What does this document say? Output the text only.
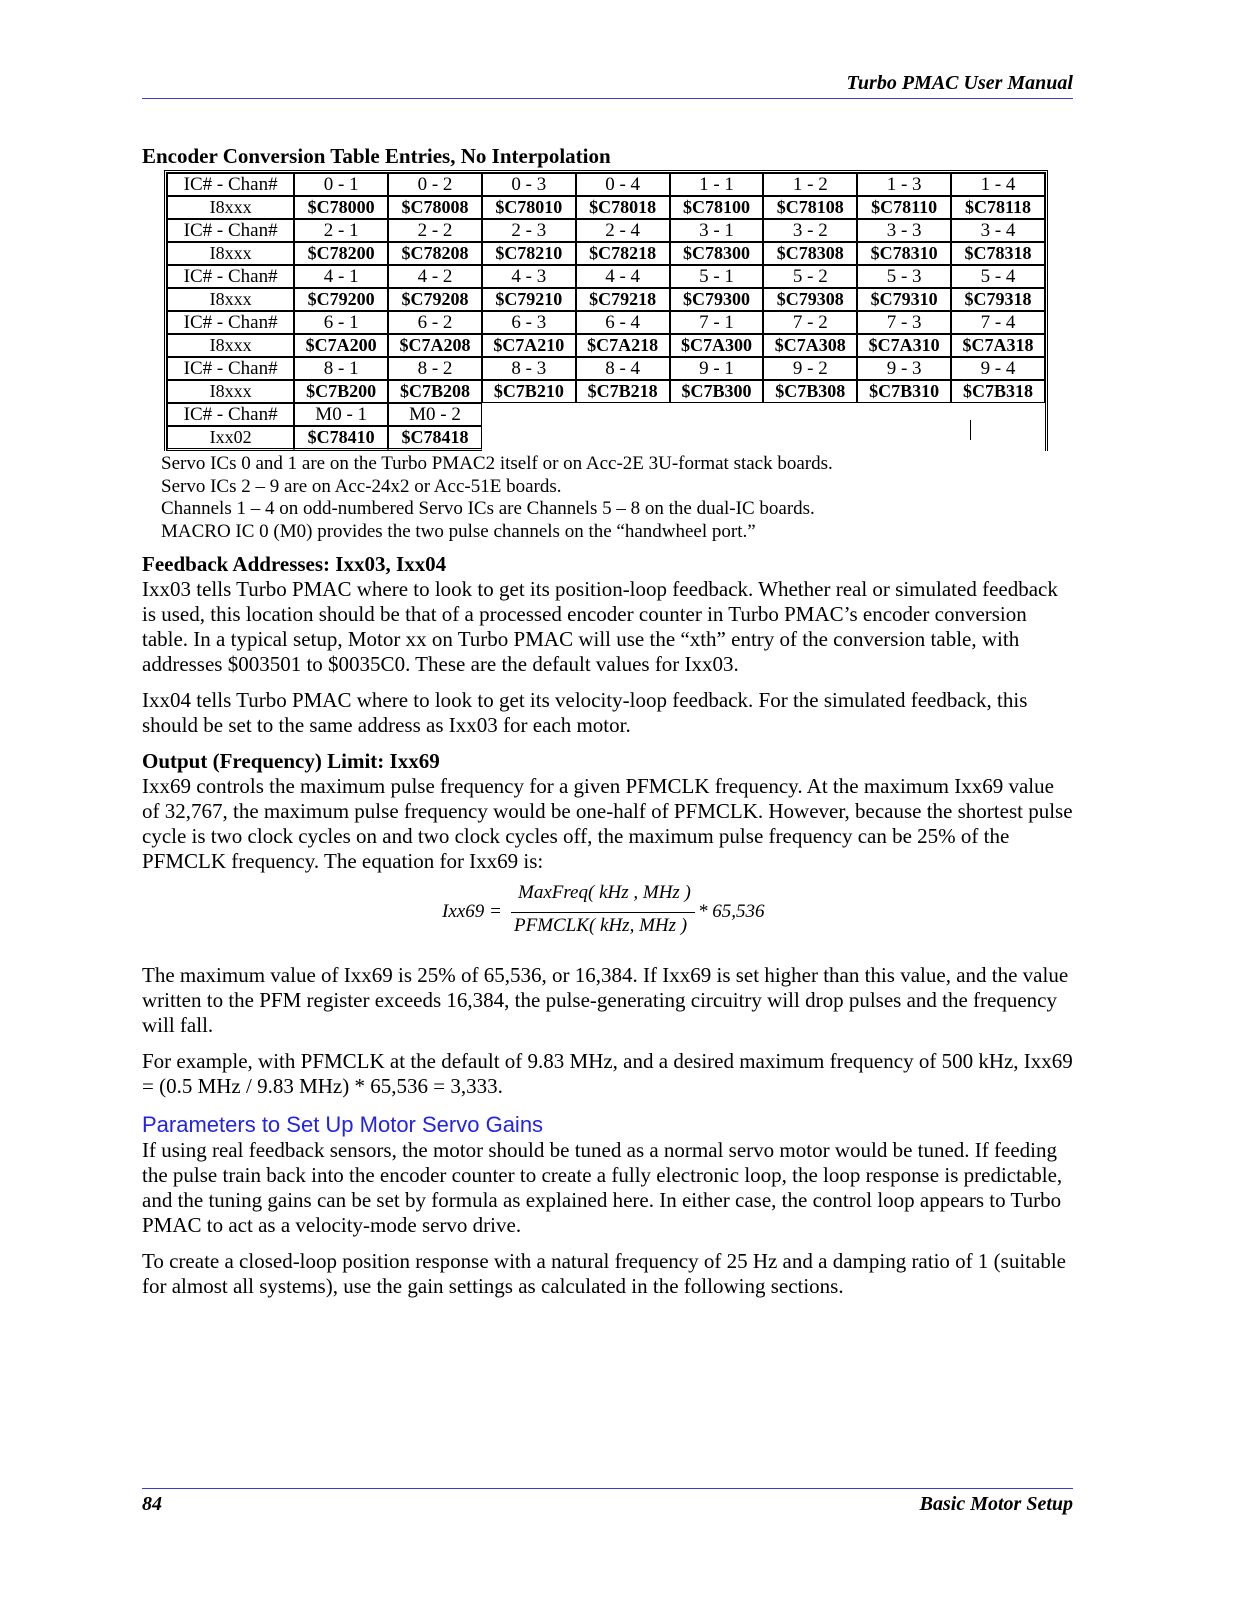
Turbo PMAC User Manual
Encoder Conversion Table Entries, No Interpolation
IC# - Chan#	0 - 1	0 - 2	0 - 3	0 - 4	1 - 1	1 - 2	1 - 3	1 - 4
I8xxx	$C78000	$C78008	$C78010	$C78018	$C78100	$C78108	$C78110	$C78118
IC# - Chan#	2 - 1	2 - 2	2 - 3	2 - 4	3 - 1	3 - 2	3 - 3	3 - 4
I8xxx	$C78200	$C78208	$C78210	$C78218	$C78300	$C78308	$C78310	$C78318
IC# - Chan#	4 - 1	4 - 2	4 - 3	4 - 4	5 - 1	5 - 2	5 - 3	5 - 4
I8xxx	$C79200	$C79208	$C79210	$C79218	$C79300	$C79308	$C79310	$C79318
IC# - Chan#	6 - 1	6 - 2	6 - 3	6 - 4	7 - 1	7 - 2	7 - 3	7 - 4
I8xxx	$C7A200	$C7A208	$C7A210	$C7A218	$C7A300	$C7A308	$C7A310	$C7A318
IC# - Chan#	8 - 1	8 - 2	8 - 3	8 - 4	9 - 1	9 - 2	9 - 3	9 - 4
I8xxx	$C7B200	$C7B208	$C7B210	$C7B218	$C7B300	$C7B308	$C7B310	$C7B318
IC# - Chan#	M0 - 1	M0 - 2						
Ixx02	$C78410	$C78418						

Servo ICs 0 and 1 are on the Turbo PMAC2 itself or on Acc-2E 3U-format stack boards.

Servo ICs 2 – 9 are on Acc-24x2 or Acc-51E boards.

Channels 1 – 4 on odd-numbered Servo ICs are Channels 5 – 8 on the dual-IC boards.

MACRO IC 0 (M0) provides the two pulse channels on the “handwheel port.”

Feedback Addresses: Ixx03, Ixx04

Ixx03 tells Turbo PMAC where to look to get its position-loop feedback. Whether real or simulated feedback is used, this location should be that of a processed encoder counter in Turbo PMAC’s encoder conversion table. In a typical setup, Motor xx on Turbo PMAC will use the “xth” entry of the conversion table, with addresses $003501 to $0035C0. These are the default values for Ixx03.

Ixx04 tells Turbo PMAC where to look to get its velocity-loop feedback. For the simulated feedback, this should be set to the same address as Ixx03 for each motor.

Output (Frequency) Limit: Ixx69

Ixx69 controls the maximum pulse frequency for a given PFMCLK frequency. At the maximum Ixx69 value of 32,767, the maximum pulse frequency would be one-half of PFMCLK. However, because the shortest pulse cycle is two clock cycles on and two clock cycles off, the maximum pulse frequency can be 25% of the PFMCLK frequency. The equation for Ixx69 is:

Ixx69 =
MaxFreq( kHz , MHz )
PFMCLK( kHz, MHz )
* 65,536

The maximum value of Ixx69 is 25% of 65,536, or 16,384. If Ixx69 is set higher than this value, and the value written to the PFM register exceeds 16,384, the pulse-generating circuitry will drop pulses and the frequency will fall.

For example, with PFMCLK at the default of 9.83 MHz, and a desired maximum frequency of 500 kHz, Ixx69 = (0.5 MHz / 9.83 MHz) * 65,536 = 3,333.

Parameters to Set Up Motor Servo Gains

If using real feedback sensors, the motor should be tuned as a normal servo motor would be tuned. If feeding the pulse train back into the encoder counter to create a fully electronic loop, the loop response is predictable, and the tuning gains can be set by formula as explained here. In either case, the control loop appears to Turbo PMAC to act as a velocity-mode servo drive.

To create a closed-loop position response with a natural frequency of 25 Hz and a damping ratio of 1 (suitable for almost all systems), use the gain settings as calculated in the following sections.

84	Basic Motor Setup
